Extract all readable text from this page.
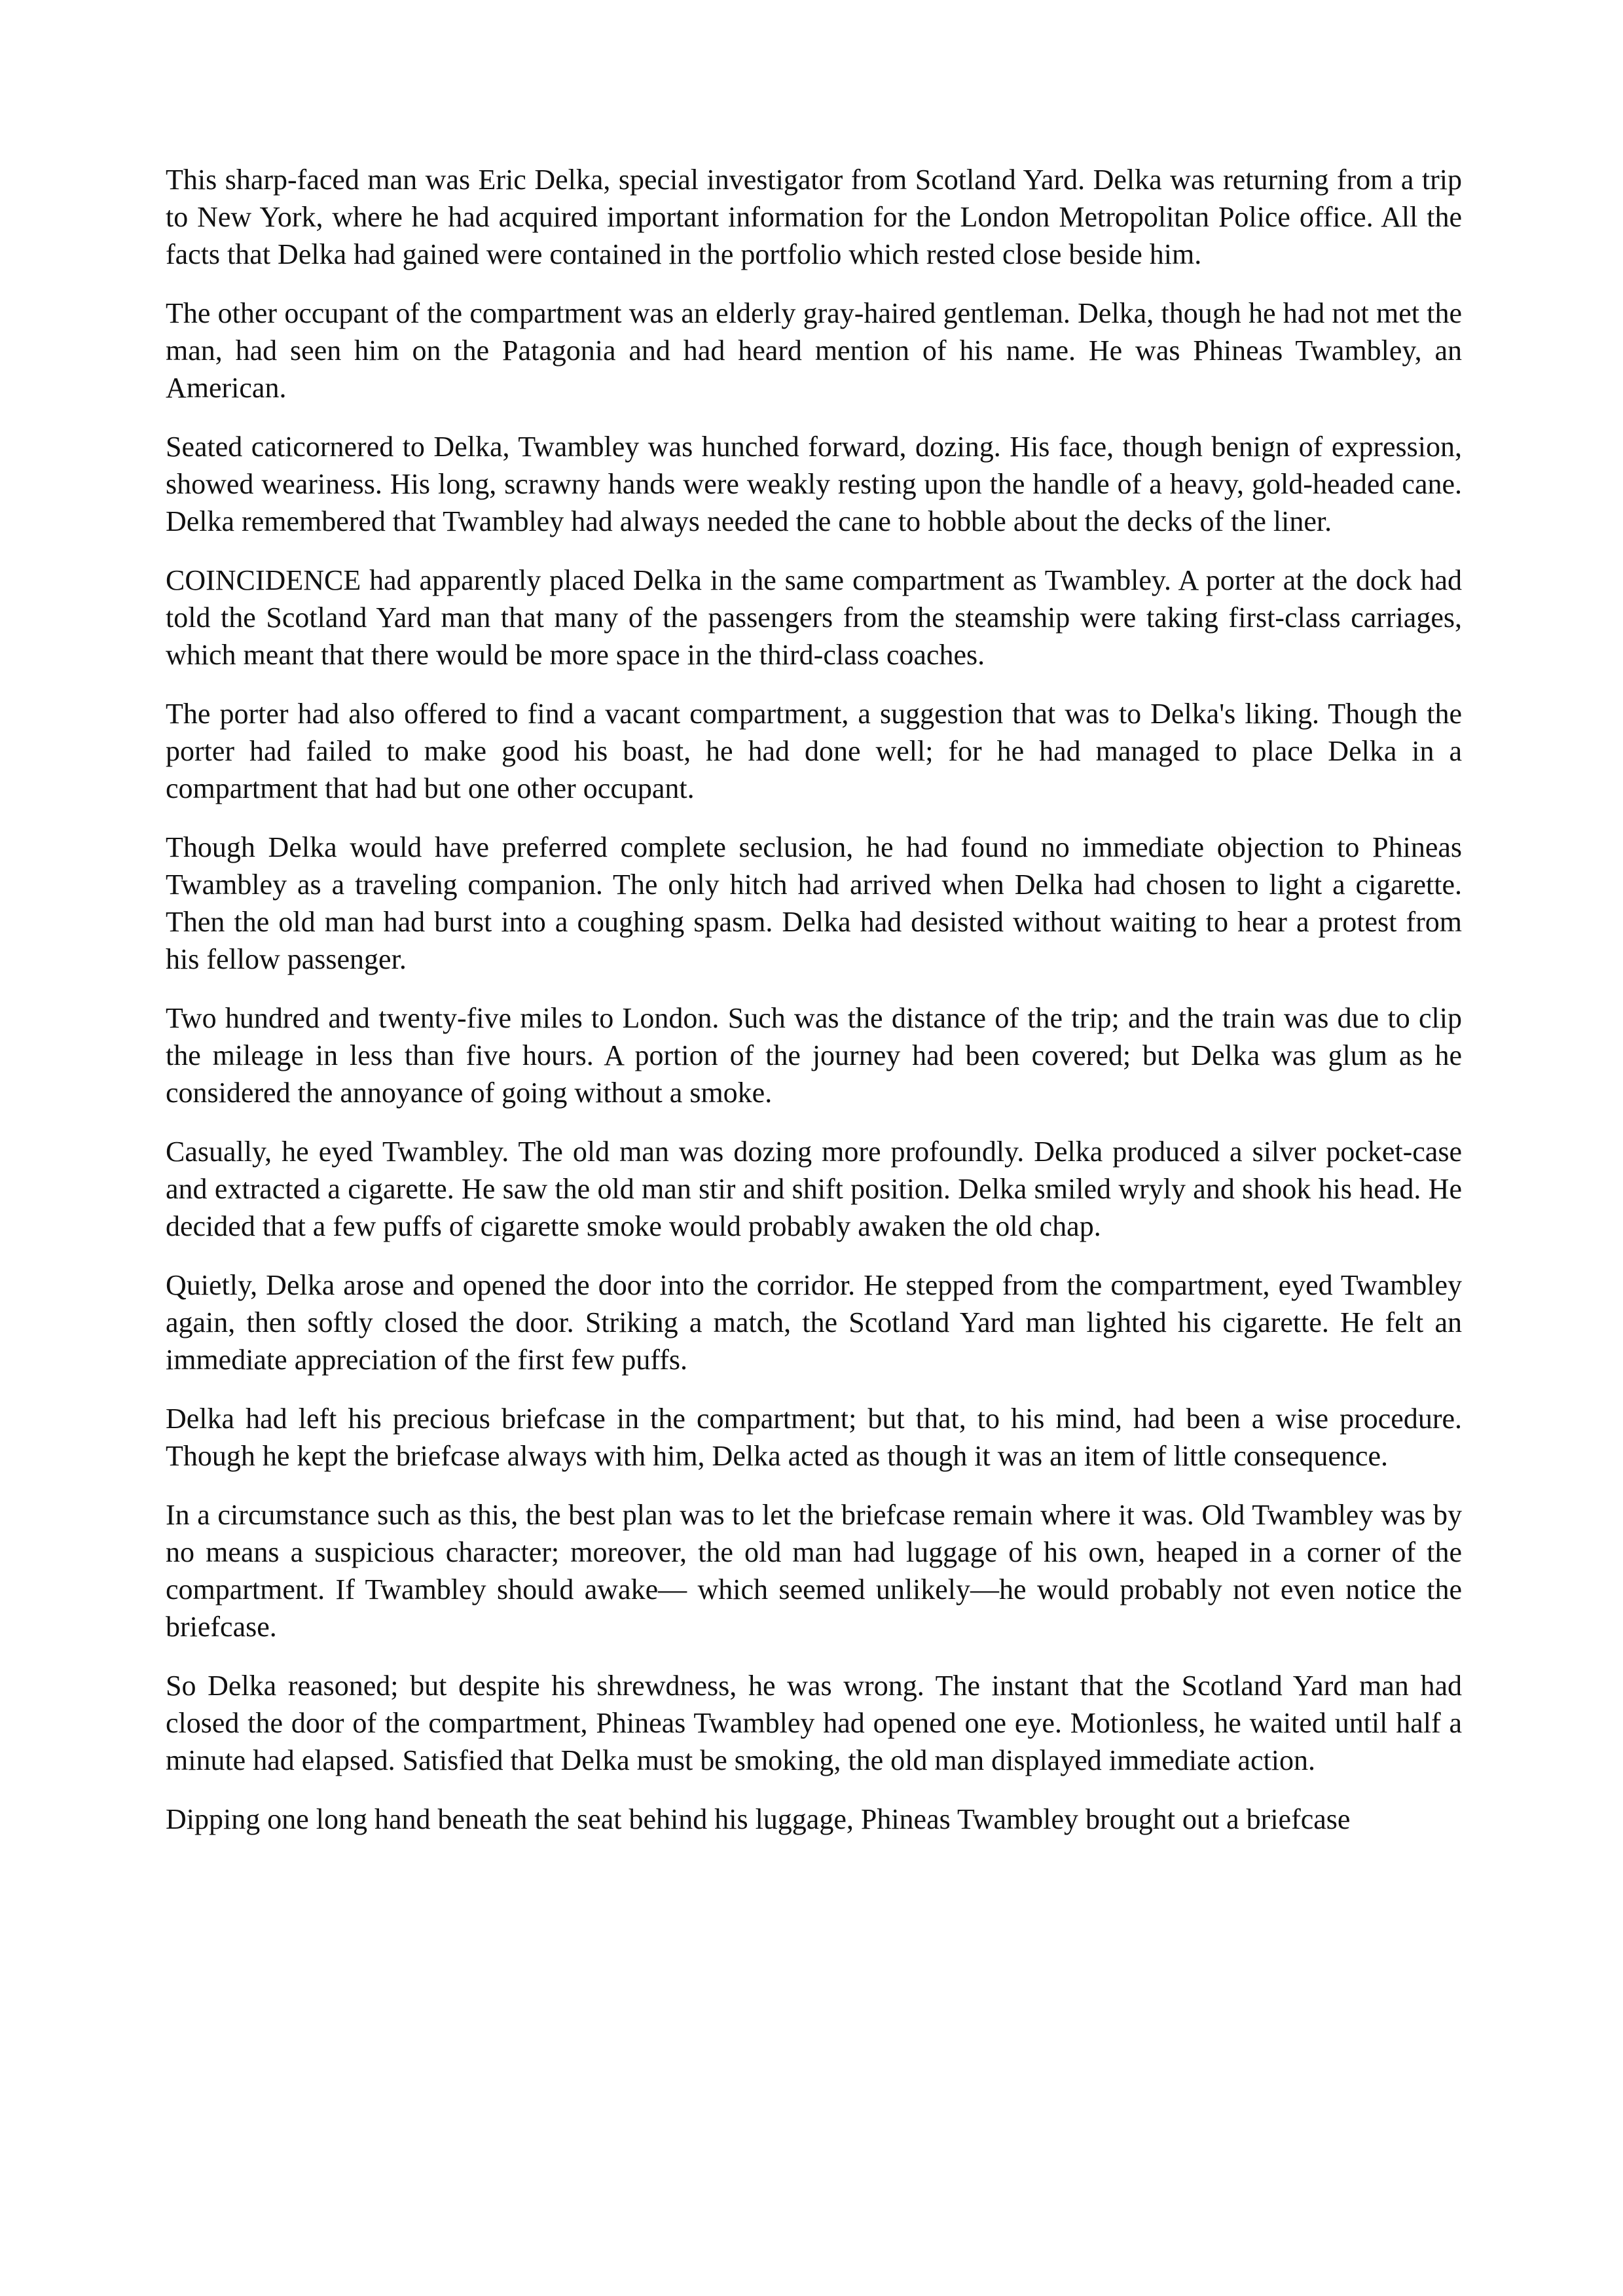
This sharp-faced man was Eric Delka, special investigator from Scotland Yard. Delka was returning from a trip to New York, where he had acquired important information for the London Metropolitan Police office. All the facts that Delka had gained were contained in the portfolio which rested close beside him.

The other occupant of the compartment was an elderly gray-haired gentleman. Delka, though he had not met the man, had seen him on the Patagonia and had heard mention of his name. He was Phineas Twambley, an American.

Seated caticornered to Delka, Twambley was hunched forward, dozing. His face, though benign of expression, showed weariness. His long, scrawny hands were weakly resting upon the handle of a heavy, gold-headed cane. Delka remembered that Twambley had always needed the cane to hobble about the decks of the liner.

COINCIDENCE had apparently placed Delka in the same compartment as Twambley. A porter at the dock had told the Scotland Yard man that many of the passengers from the steamship were taking first-class carriages, which meant that there would be more space in the third-class coaches.

The porter had also offered to find a vacant compartment, a suggestion that was to Delka's liking. Though the porter had failed to make good his boast, he had done well; for he had managed to place Delka in a compartment that had but one other occupant.

Though Delka would have preferred complete seclusion, he had found no immediate objection to Phineas Twambley as a traveling companion. The only hitch had arrived when Delka had chosen to light a cigarette. Then the old man had burst into a coughing spasm. Delka had desisted without waiting to hear a protest from his fellow passenger.

Two hundred and twenty-five miles to London. Such was the distance of the trip; and the train was due to clip the mileage in less than five hours. A portion of the journey had been covered; but Delka was glum as he considered the annoyance of going without a smoke.

Casually, he eyed Twambley. The old man was dozing more profoundly. Delka produced a silver pocket-case and extracted a cigarette. He saw the old man stir and shift position. Delka smiled wryly and shook his head. He decided that a few puffs of cigarette smoke would probably awaken the old chap.

Quietly, Delka arose and opened the door into the corridor. He stepped from the compartment, eyed Twambley again, then softly closed the door. Striking a match, the Scotland Yard man lighted his cigarette. He felt an immediate appreciation of the first few puffs.

Delka had left his precious briefcase in the compartment; but that, to his mind, had been a wise procedure. Though he kept the briefcase always with him, Delka acted as though it was an item of little consequence.

In a circumstance such as this, the best plan was to let the briefcase remain where it was. Old Twambley was by no means a suspicious character; moreover, the old man had luggage of his own, heaped in a corner of the compartment. If Twambley should awake— which seemed unlikely—he would probably not even notice the briefcase.

So Delka reasoned; but despite his shrewdness, he was wrong. The instant that the Scotland Yard man had closed the door of the compartment, Phineas Twambley had opened one eye. Motionless, he waited until half a minute had elapsed. Satisfied that Delka must be smoking, the old man displayed immediate action.

Dipping one long hand beneath the seat behind his luggage, Phineas Twambley brought out a briefcase
